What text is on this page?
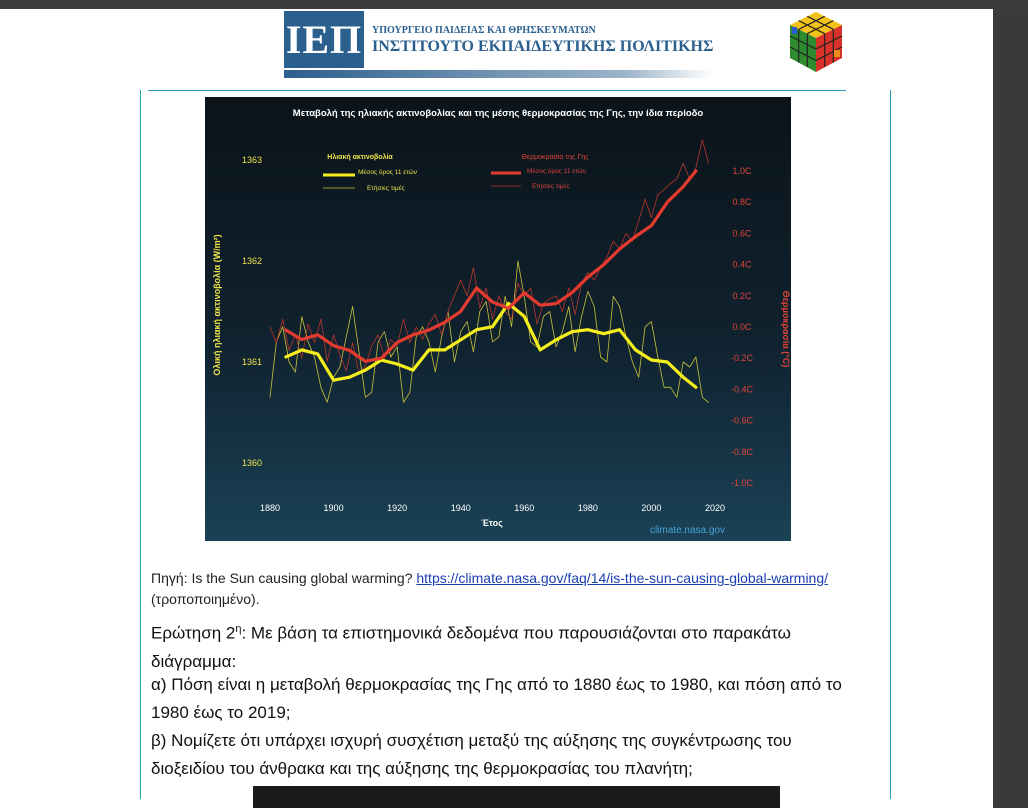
ΙΕΠ ΥΠΟΥΡΓΕΙΟ ΠΑΙΔΕΙΑΣ ΚΑΙ ΘΡΗΣΚΕΥΜΑΤΩΝ
ΙΝΣΤΙΤΟΥΤΟ ΕΚΠΑΙΔΕΥΤΙΚΗΣ ΠΟΛΙΤΙΚΗΣ
Μεταβολή της ηλιακής ακτινοβολίας και της μέσης θερμοκρασίας της Γης, την ίδια περίοδο
1880	1900	1920	1940	1960	1980	2000	2020
1360
1361
1362
1363
1.0C
0.8C
0.6C
0.4C
0.2C
0.0C
-0.2C
-0.4C
-0.6C
-0.8C
-1.0C
Έτος
climate.nasa.gov
Ολική ηλιακή ακτινοβολία (W/m²)	Θερμοκρασία (°C)
Ηλιακή ακτινοβολία
Μέσος όρος 11 ετών
Ετήσιες τιμές
Θερμοκρασία της Γης
Μέσος όρος 11 ετών
Ετήσιες τιμές
Πηγή: Is the Sun causing global warming? https://climate.nasa.gov/faq/14/is-the-sun-causing-global-warming/ (τροποποιημένο).
Ερώτηση $2^\eta$: Με βάση τα επιστημονικά δεδομένα που παρουσιάζονται στο παρακάτω διάγραμμα:
α) Πόση είναι η μεταβολή θερμοκρασίας της Γης από το 1880 έως το 1980, και πόση από το 1980 έως το 2019;
β) Νομίζετε ότι υπάρχει ισχυρή συσχέτιση μεταξύ της αύξησης της συγκέντρωσης του διοξειδίου του άνθρακα και της αύξησης της θερμοκρασίας του πλανήτη;
